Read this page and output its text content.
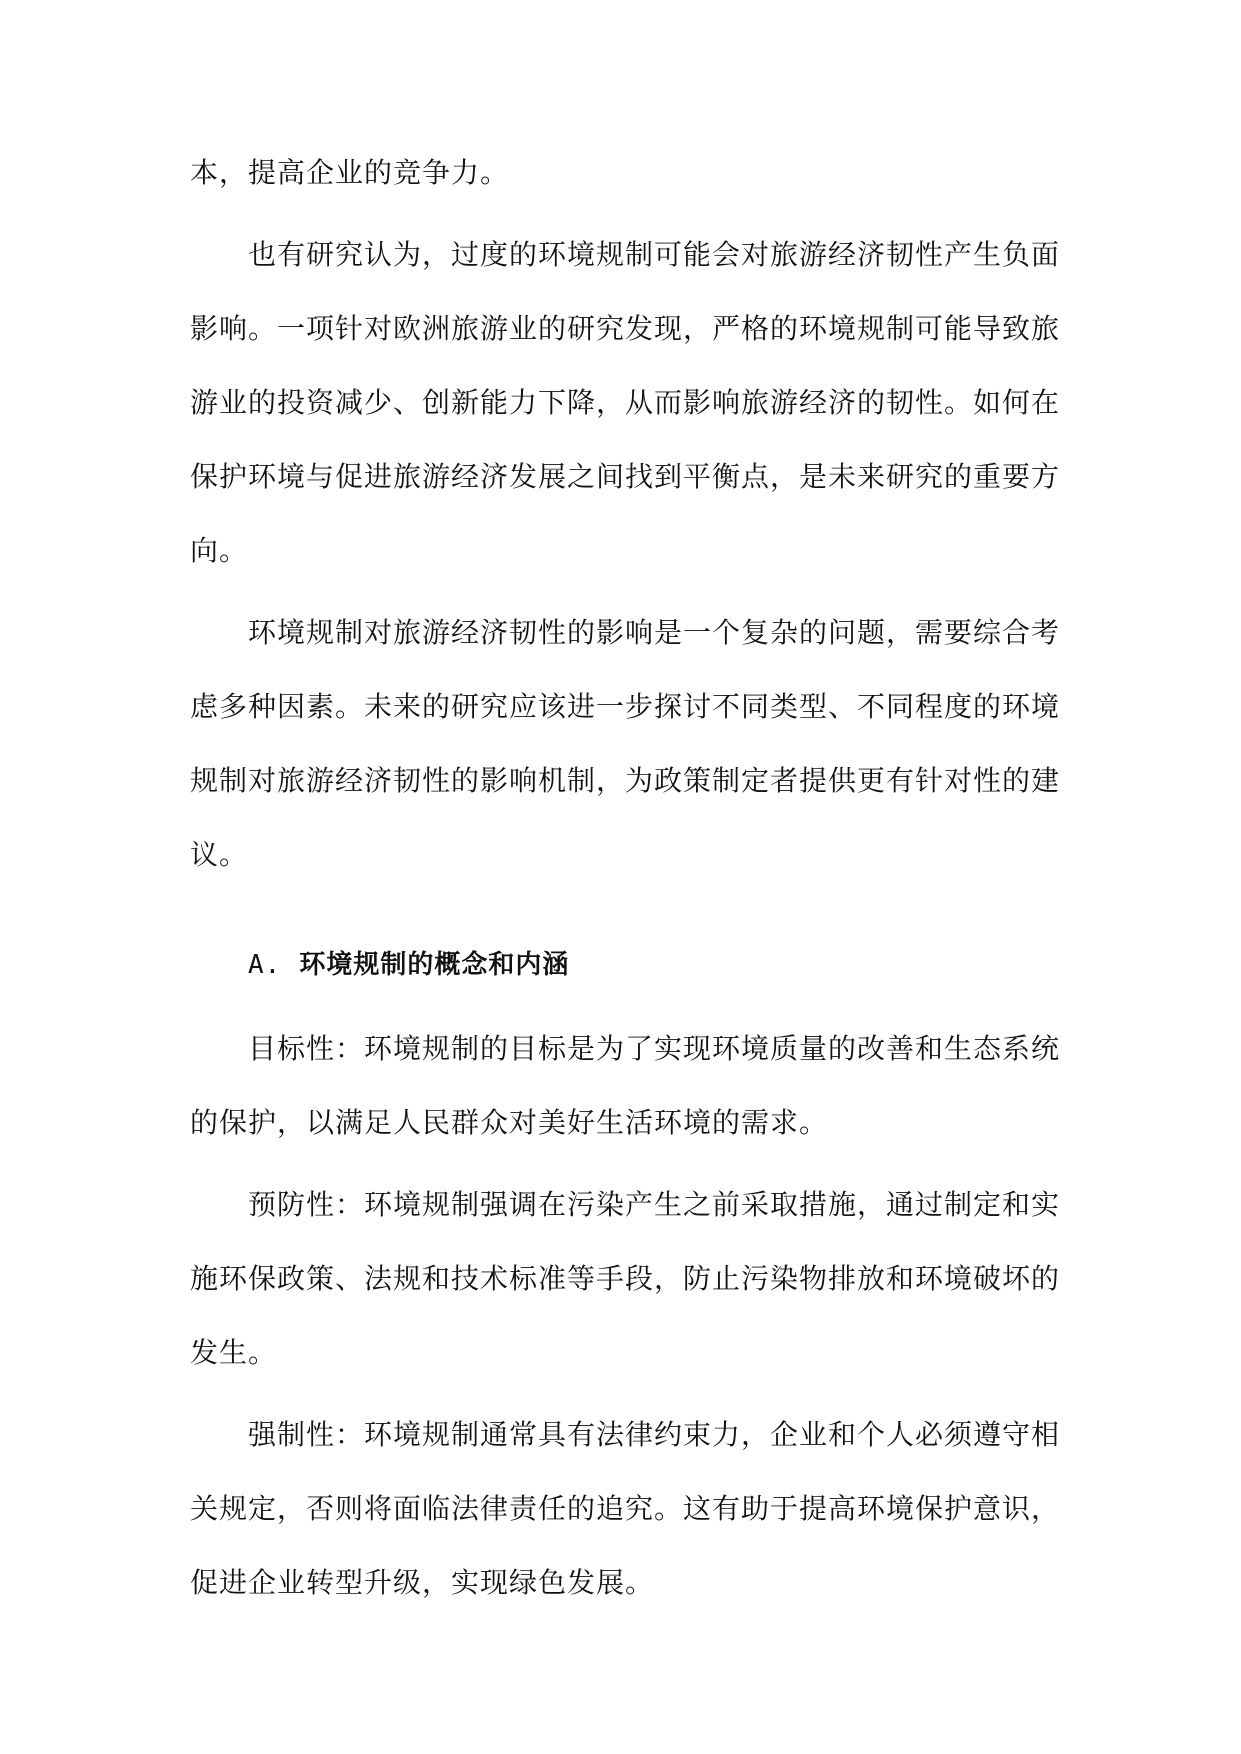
本，提高企业的竞争力。

也有研究认为，过度的环境规制可能会对旅游经济韧性产生负面影响。一项针对欧洲旅游业的研究发现，严格的环境规制可能导致旅游业的投资减少、创新能力下降，从而影响旅游经济的韧性。如何在保护环境与促进旅游经济发展之间找到平衡点，是未来研究的重要方向。

环境规制对旅游经济韧性的影响是一个复杂的问题，需要综合考虑多种因素。未来的研究应该进一步探讨不同类型、不同程度的环境规制对旅游经济韧性的影响机制，为政策制定者提供更有针对性的建议。

A. 环境规制的概念和内涵

目标性：环境规制的目标是为了实现环境质量的改善和生态系统的保护，以满足人民群众对美好生活环境的需求。

预防性：环境规制强调在污染产生之前采取措施，通过制定和实施环保政策、法规和技术标准等手段，防止污染物排放和环境破坏的发生。

强制性：环境规制通常具有法律约束力，企业和个人必须遵守相关规定，否则将面临法律责任的追究。这有助于提高环境保护意识，促进企业转型升级，实现绿色发展。
